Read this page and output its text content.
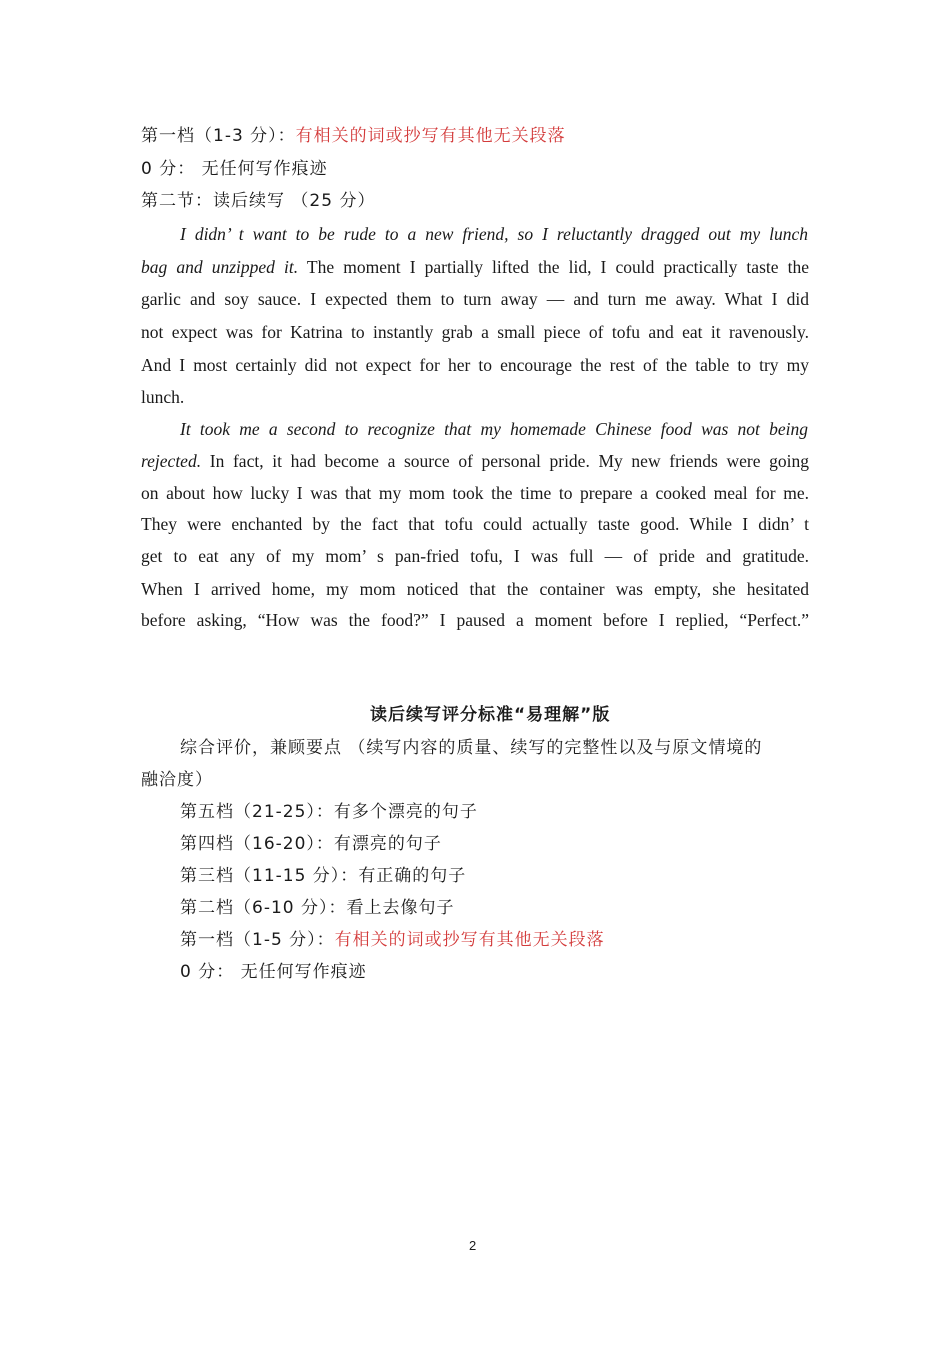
第一档（1-3 分）：有相关的词或抄写有其他无关段落
0 分： 无任何写作痕迹
第二节：读后续写 （25 分）
I didn’ t want to be rude to a new friend, so I reluctantly dragged out my lunch
bag and unzipped it. The moment I partially lifted the lid, I could practically taste the
garlic and soy sauce. I expected them to turn away — and turn me away. What I did
not expect was for Katrina to instantly grab a small piece of tofu and eat it ravenously.
And I most certainly did not expect for her to encourage the rest of the table to try my
lunch.
It took me a second to recognize that my homemade Chinese food was not being
rejected. In fact, it had become a source of personal pride. My new friends were going
on about how lucky I was that my mom took the time to prepare a cooked meal for me.
They were enchanted by the fact that tofu could actually taste good. While I didn’ t
get to eat any of my mom’ s pan-fried tofu, I was full — of pride and gratitude.
When I arrived home, my mom noticed that the container was empty, she hesitated
before asking, “How was the food?” I paused a moment before I replied, “Perfect.”
读后续写评分标准“易理解”版
综合评价，兼顾要点 （续写内容的质量、续写的完整性以及与原文情境的
融洽度）
第五档（21-25）：有多个漂亮的句子
第四档（16-20）：有漂亮的句子
第三档（11-15 分）：有正确的句子
第二档（6-10 分）：看上去像句子
第一档（1-5 分）：有相关的词或抄写有其他无关段落
0 分： 无任何写作痕迹
2
